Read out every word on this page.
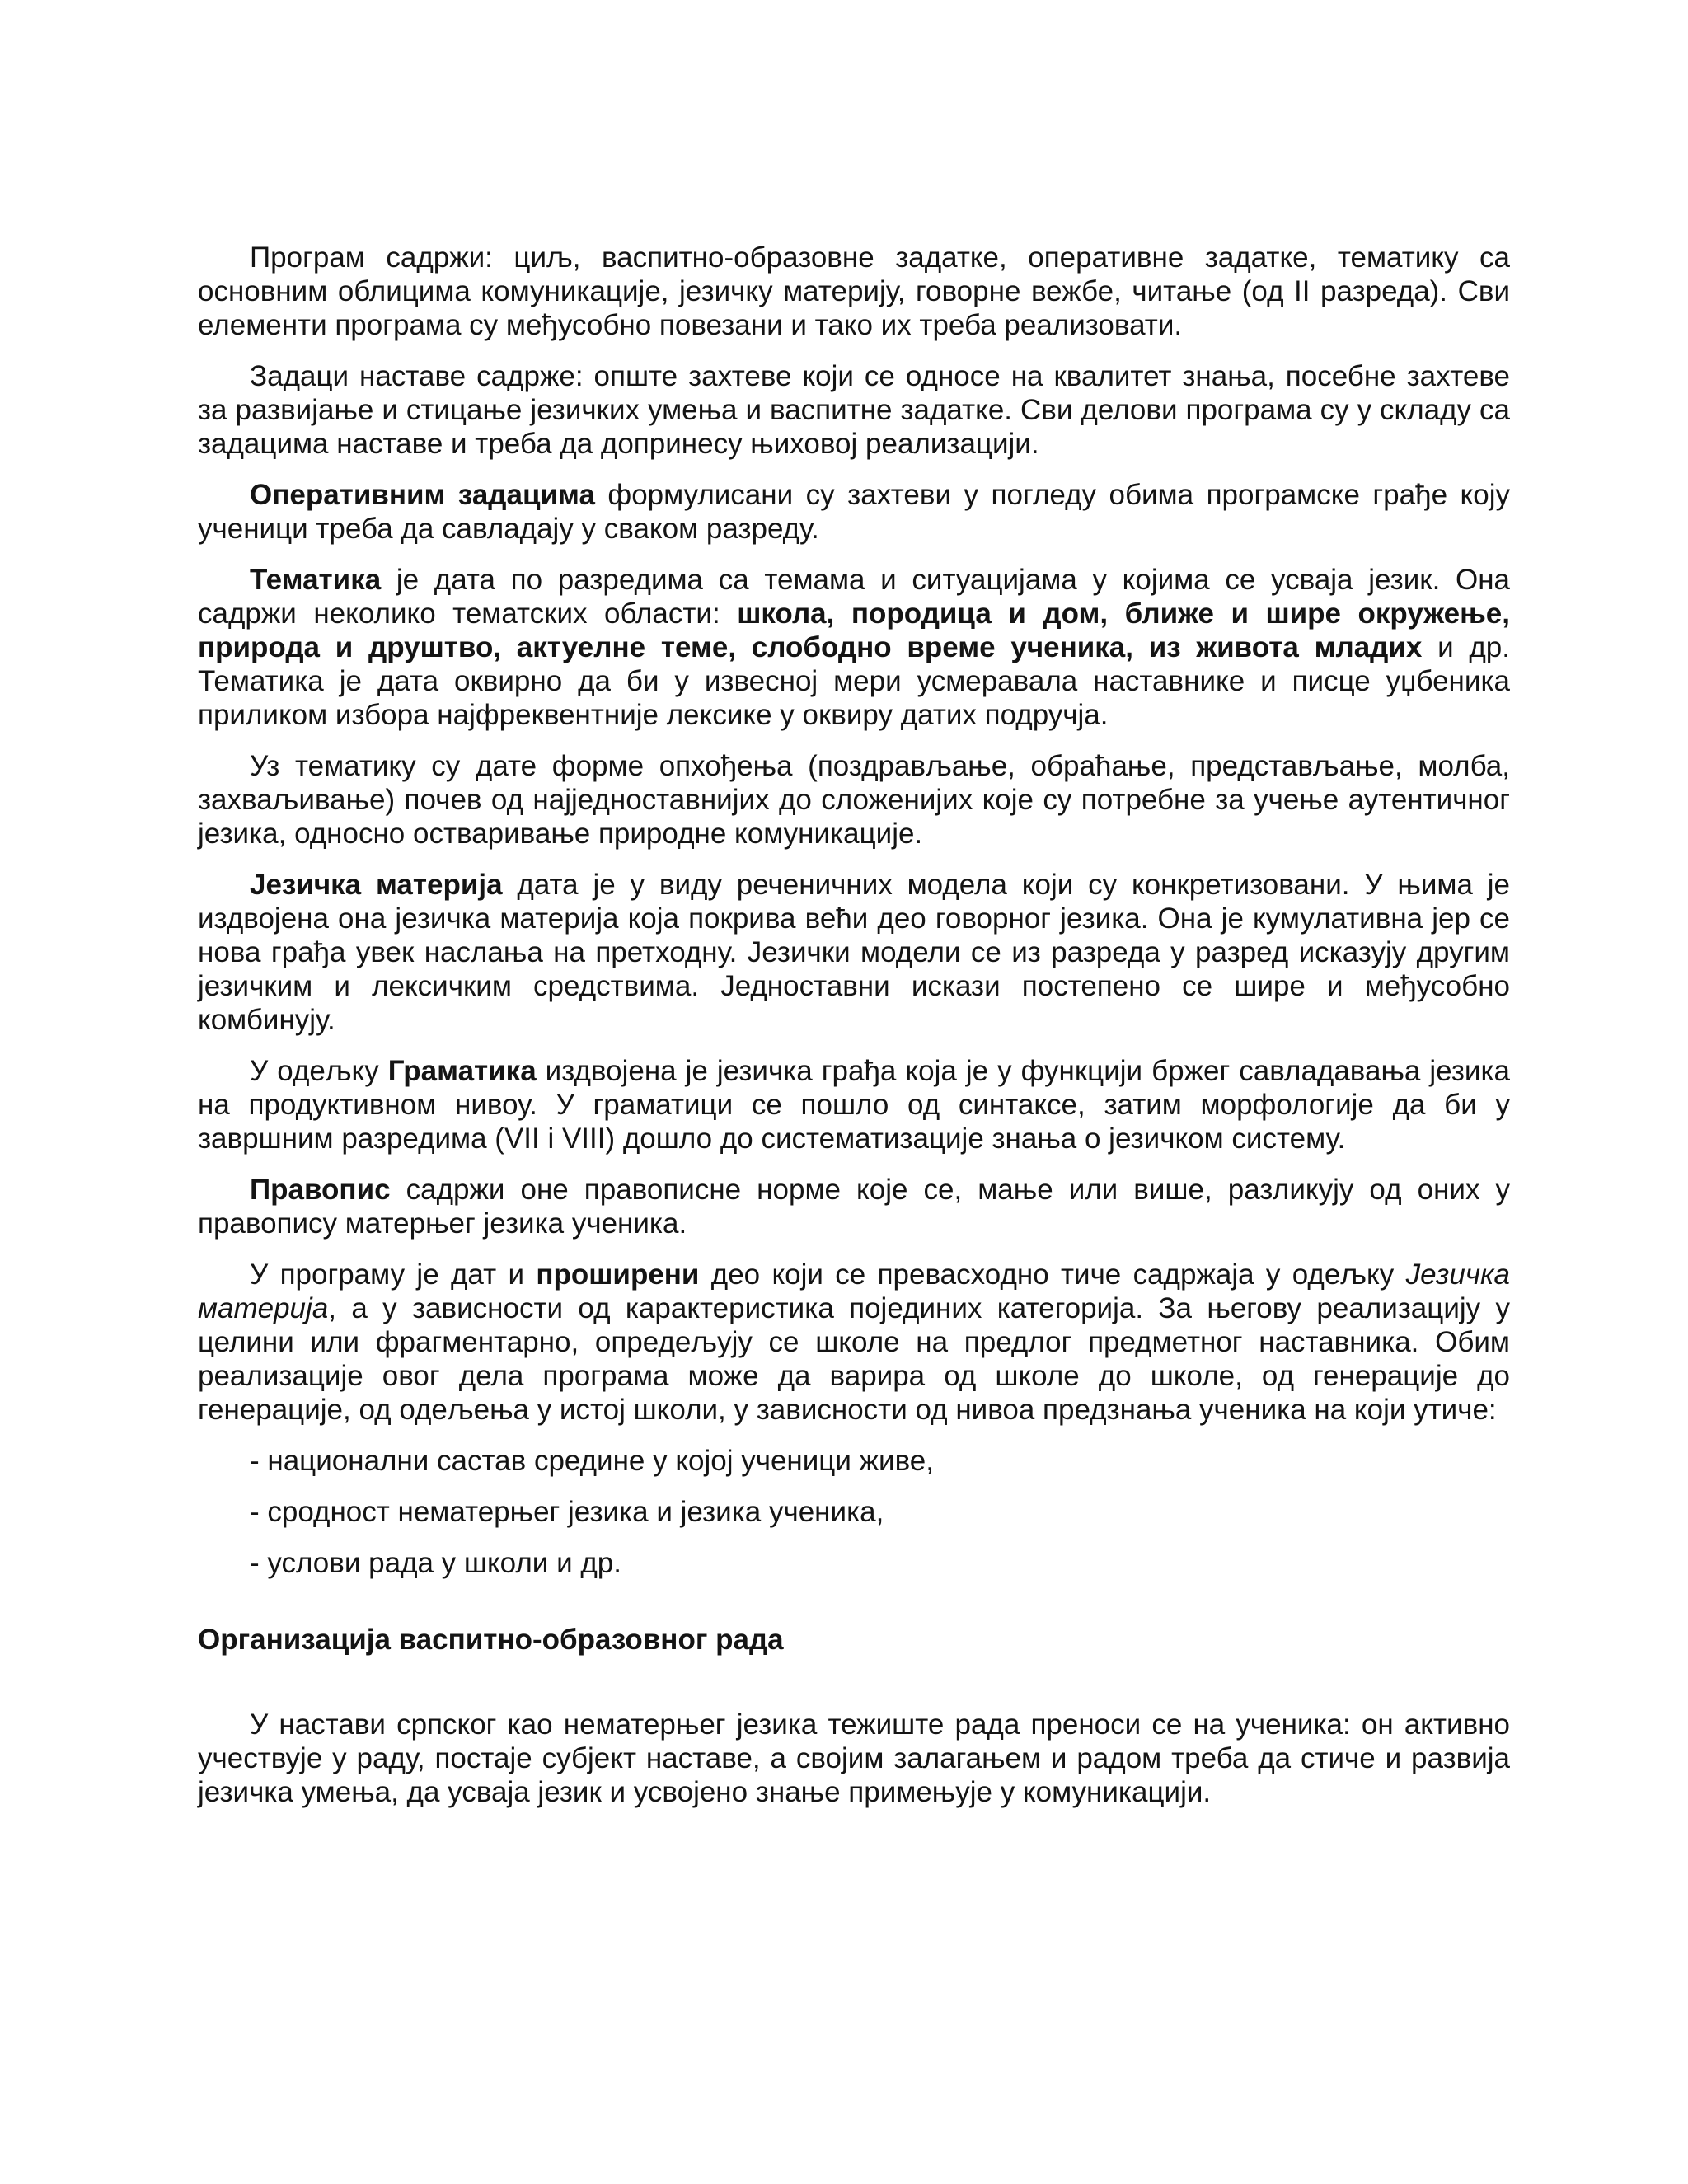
Програм садржи: циљ, васпитно-образовне задатке, оперативне задатке, тематику са основним облицима комуникације, језичку материју, говорне вежбе, читање (од II разреда). Сви елементи програма су међусобно повезани и тако их треба реализовати.

Задаци наставе садрже: опште захтеве који се односе на квалитет знања, посебне захтеве за развијање и стицање језичких умења и васпитне задатке. Сви делови програма су у складу са задацима наставе и треба да допринесу њиховој реализацији.

Оперативним задацима формулисани су захтеви у погледу обима програмске грађе коју ученици треба да савладају у сваком разреду.

Тематика је дата по разредима са темама и ситуацијама у којима се усваја језик. Она садржи неколико тематских области: школа, породица и дом, ближе и шире окружење, природа и друштво, актуелне теме, слободно време ученика, из живота младих и др. Тематика је дата оквирно да би у извесној мери усмеравала наставнике и писце уџбеника приликом избора најфреквентније лексике у оквиру датих подручја.

Уз тематику су дате форме опхођења (поздрављање, обраћање, представљање, молба, захваљивање) почев од најједноставнијих до сложенијих које су потребне за учење аутентичног језика, односно остваривање природне комуникације.

Језичка материја дата је у виду реченичних модела који су конкретизовани. У њима је издвојена она језичка материја која покрива већи део говорног језика. Она је кумулативна јер се нова грађа увек наслања на претходну. Језички модели се из разреда у разред исказују другим језичким и лексичким средствима. Једноставни искази постепено се шире и међусобно комбинују.

У одељку Граматика издвојена је језичка грађа која је у функцији бржег савладавања језика на продуктивном нивоу. У граматици се пошло од синтаксе, затим морфологије да би у завршним разредима (VII i VIII) дошло до систематизације знања о језичком систему.

Правопис садржи оне правописне норме које се, мање или више, разликују од оних у правопису матерњег језика ученика.

У програму је дат и проширени део који се превасходно тиче садржаја у одељку Језичка материја, а у зависности од карактеристика појединих категорија. За његову реализацију у целини или фрагментарно, опредељују се школе на предлог предметног наставника. Обим реализације овог дела програма може да варира од школе до школе, од генерације до генерације, од одељења у истој школи, у зависности од нивоа предзнања ученика на који утиче:

- национални састав средине у којој ученици живе,
- сродност нематерњег језика и језика ученика,
- услови рада у школи и др.
Организација васпитно-образовног рада

У настави српског као нематерњег језика тежиште рада преноси се на ученика: он активно учествује у раду, постаје субјект наставе, а својим залагањем и радом треба да стиче и развија језичка умења, да усваја језик и усвојено знање примењује у комуникацији.
